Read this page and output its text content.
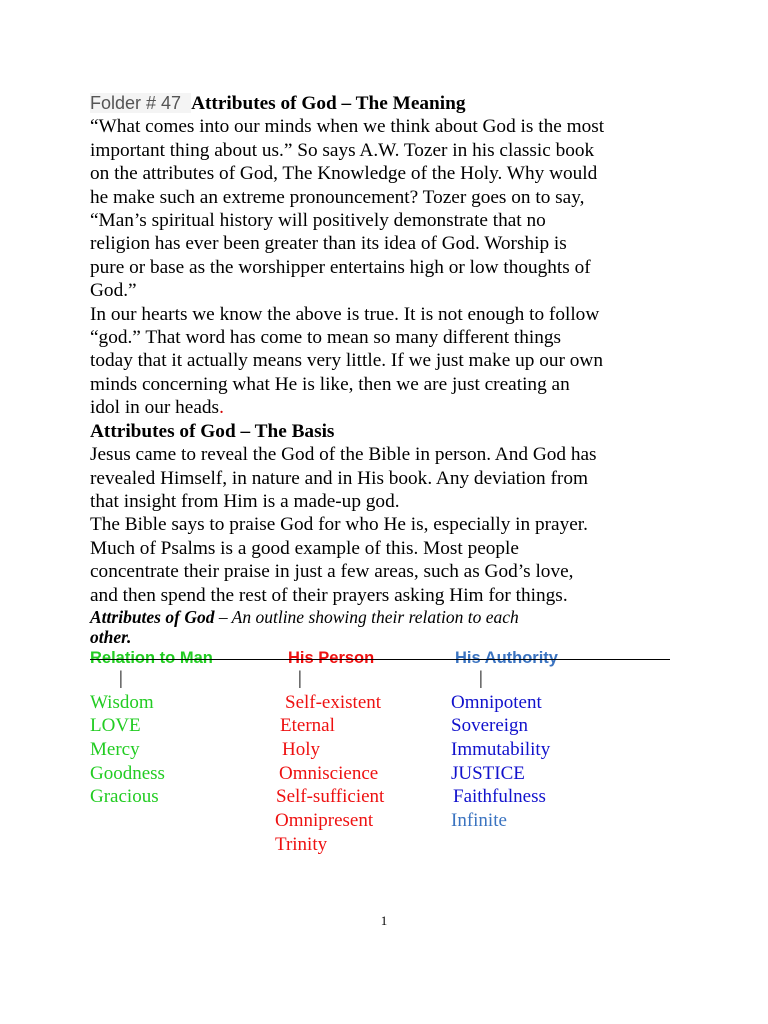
Folder # 47 Attributes of God – The Meaning

“What comes into our minds when we think about God is the most
important thing about us.” So says A.W. Tozer in his classic book
on the attributes of God, The Knowledge of the Holy. Why would
he make such an extreme pronouncement? Tozer goes on to say,
“Man’s spiritual history will positively demonstrate that no
religion has ever been greater than its idea of God. Worship is
pure or base as the worshipper entertains high or low thoughts of
God.”

In our hearts we know the above is true. It is not enough to follow
“god.” That word has come to mean so many different things
today that it actually means very little. If we just make up our own
minds concerning what He is like, then we are just creating an
idol in our heads.

Attributes of God – The Basis

Jesus came to reveal the God of the Bible in person. And God has
revealed Himself, in nature and in His book. Any deviation from
that insight from Him is a made-up god.

The Bible says to praise God for who He is, especially in prayer.
Much of Psalms is a good example of this. Most people
concentrate their praise in just a few areas, such as God’s love,
and then spend the rest of their prayers asking Him for things.

Attributes of God – An outline showing their relation to each
other.

Relation to Man	His Person	His Authority
|
Wisdom
LOVE
Mercy
Goodness
Gracious
|
Self-existent
Eternal
Holy
Omniscience
Self-sufficient
Omnipresent
Trinity
|
Omnipotent
Sovereign
Immutability
JUSTICE
Faithfulness
Infinite
1
